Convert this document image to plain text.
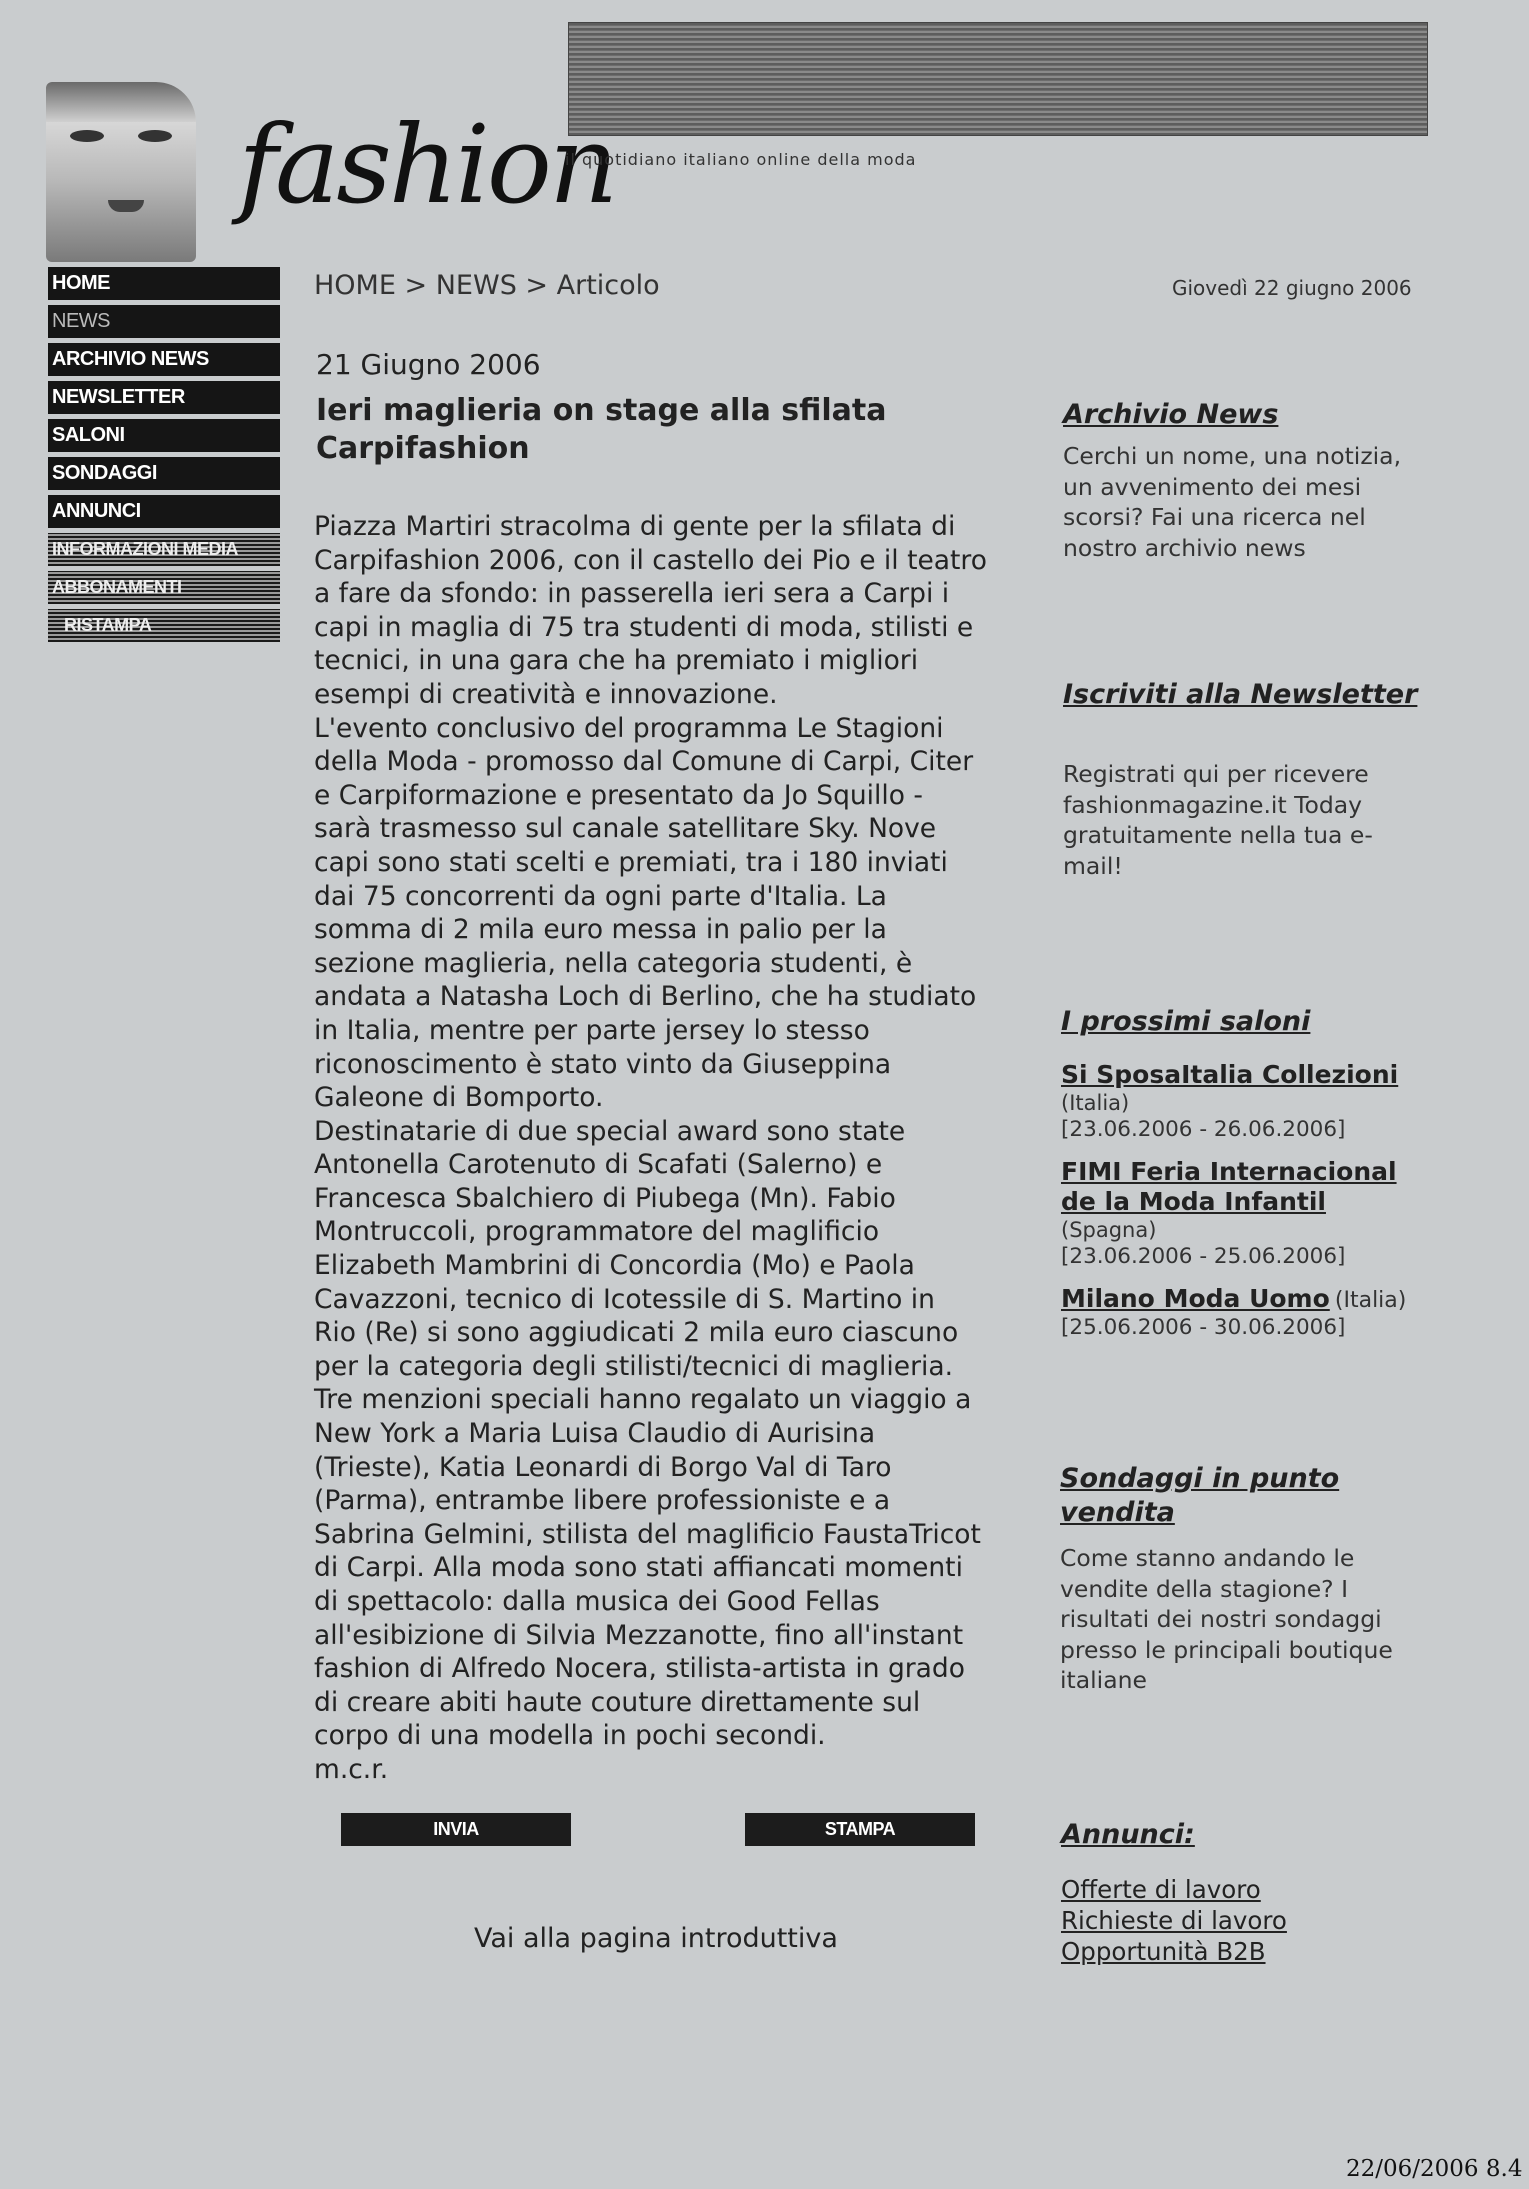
fashion
il quotidiano italiano online della moda
HOME
NEWS
ARCHIVIO NEWS
NEWSLETTER
SALONI
SONDAGGI
ANNUNCI
INFORMAZIONI MEDIA
ABBONAMENTI
RISTAMPA
HOME > NEWS > Articolo	Giovedì 22 giugno 2006
21 Giugno 2006
Ieri maglieria on stage alla sfilata Carpifashion
Piazza Martiri stracolma di gente per la sfilata di
Carpifashion 2006, con il castello dei Pio e il teatro
a fare da sfondo: in passerella ieri sera a Carpi i
capi in maglia di 75 tra studenti di moda, stilisti e
tecnici, in una gara che ha premiato i migliori
esempi di creatività e innovazione.
L'evento conclusivo del programma Le Stagioni
della Moda - promosso dal Comune di Carpi, Citer
e Carpiformazione e presentato da Jo Squillo -
sarà trasmesso sul canale satellitare Sky. Nove
capi sono stati scelti e premiati, tra i 180 inviati
dai 75 concorrenti da ogni parte d'Italia. La
somma di 2 mila euro messa in palio per la
sezione maglieria, nella categoria studenti, è
andata a Natasha Loch di Berlino, che ha studiato
in Italia, mentre per parte jersey lo stesso
riconoscimento è stato vinto da Giuseppina
Galeone di Bomporto.
Destinatarie di due special award sono state
Antonella Carotenuto di Scafati (Salerno) e
Francesca Sbalchiero di Piubega (Mn). Fabio
Montruccoli, programmatore del maglificio
Elizabeth Mambrini di Concordia (Mo) e Paola
Cavazzoni, tecnico di Icotessile di S. Martino in
Rio (Re) si sono aggiudicati 2 mila euro ciascuno
per la categoria degli stilisti/tecnici di maglieria.
Tre menzioni speciali hanno regalato un viaggio a
New York a Maria Luisa Claudio di Aurisina
(Trieste), Katia Leonardi di Borgo Val di Taro
(Parma), entrambe libere professioniste e a
Sabrina Gelmini, stilista del maglificio FaustaTricot
di Carpi. Alla moda sono stati affiancati momenti
di spettacolo: dalla musica dei Good Fellas
all'esibizione di Silvia Mezzanotte, fino all'instant
fashion di Alfredo Nocera, stilista-artista in grado
di creare abiti haute couture direttamente sul
corpo di una modella in pochi secondi.
m.c.r.
INVIA	STAMPA
Vai alla pagina introduttiva
Archivio News
Cerchi un nome, una notizia, un avvenimento dei mesi scorsi? Fai una ricerca nel nostro archivio news
Iscriviti alla Newsletter
Registrati qui per ricevere fashionmagazine.it Today gratuitamente nella tua e-mail!
I prossimi saloni
Si SposaItalia Collezioni
(Italia)
[23.06.2006 - 26.06.2006]
FIMI Feria Internacional de la Moda Infantil
(Spagna)
[23.06.2006 - 25.06.2006]
Milano Moda Uomo (Italia)
[25.06.2006 - 30.06.2006]
Sondaggi in punto vendita
Come stanno andando le vendite della stagione? I risultati dei nostri sondaggi presso le principali boutique italiane
Annunci:
Offerte di lavoro
Richieste di lavoro
Opportunità B2B
22/06/2006 8.4
